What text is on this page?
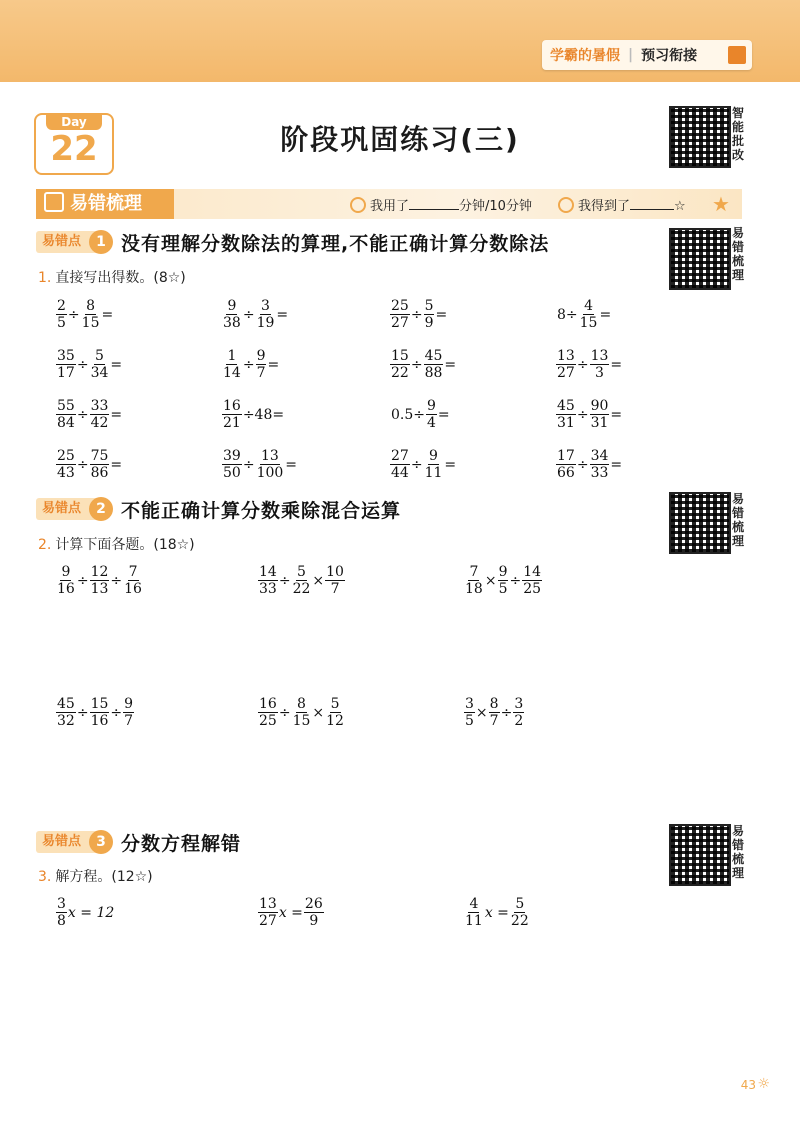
学霸的暑假 | 预习衔接
Day
22	阶段巩固练习(三)
智
能
批
改
易
错
梳
理
易
错
梳
理
易
错
梳
理
易错梳理	我用了	分钟/10分钟	我得到了	☆ ★
易错点	1 没有理解分数除法的算理,不能正确计算分数除法
1. 直接写出得数。(8☆)
$\frac{2}{5} \div \frac{8}{15}$ =	$\frac{9}{38} \div \frac{3}{19}$ =	$\frac{25}{27} \div \frac{5}{9}$ =	$8\div \frac{4}{15}$ =
$\frac{35}{17} \div \frac{5}{34}$ =	$\frac{1}{14} \div \frac{9}{7}$ =	$\frac{15}{22} \div \frac{45}{88}$ =	$\frac{13}{27} \div \frac{13}{3}$ =
$\frac{55}{84} \div \frac{33}{42}$ =	$\frac{16}{21} \div 48=$	$0.5\div \frac{9}{4}$ =	$\frac{45}{31} \div \frac{90}{31}$ =
$\frac{25}{43} \div \frac{75}{86}$ =	$\frac{39}{50} \div \frac{13}{100}$ =	$\frac{27}{44} \div \frac{9}{11}$ =	$\frac{17}{66} \div \frac{34}{33}$ =
易错点	2 不能正确计算分数乘除混合运算
2. 计算下面各题。(18☆)
$\frac{9}{16} \div \frac{12}{13} \div \frac{7}{16}$	$\frac{14}{33} \div \frac{5}{22} \times \frac{10}{7}$	$\frac{7}{18} \times \frac{9}{5} \div \frac{14}{25}$
$\frac{45}{32} \div \frac{15}{16} \div \frac{9}{7}$	$\frac{16}{25} \div \frac{8}{15} \times \frac{5}{12}$	$\frac{3}{5} \times \frac{8}{7} \div \frac{3}{2}$
易错点	3 分数方程解错
3. 解方程。(12☆)
$\frac{3}{8}$ x = 12	$\frac{13}{27}$ $x = \frac{26}{9}$	$\frac{4}{11}$ $x = \frac{5}{22}$
43 ☼
